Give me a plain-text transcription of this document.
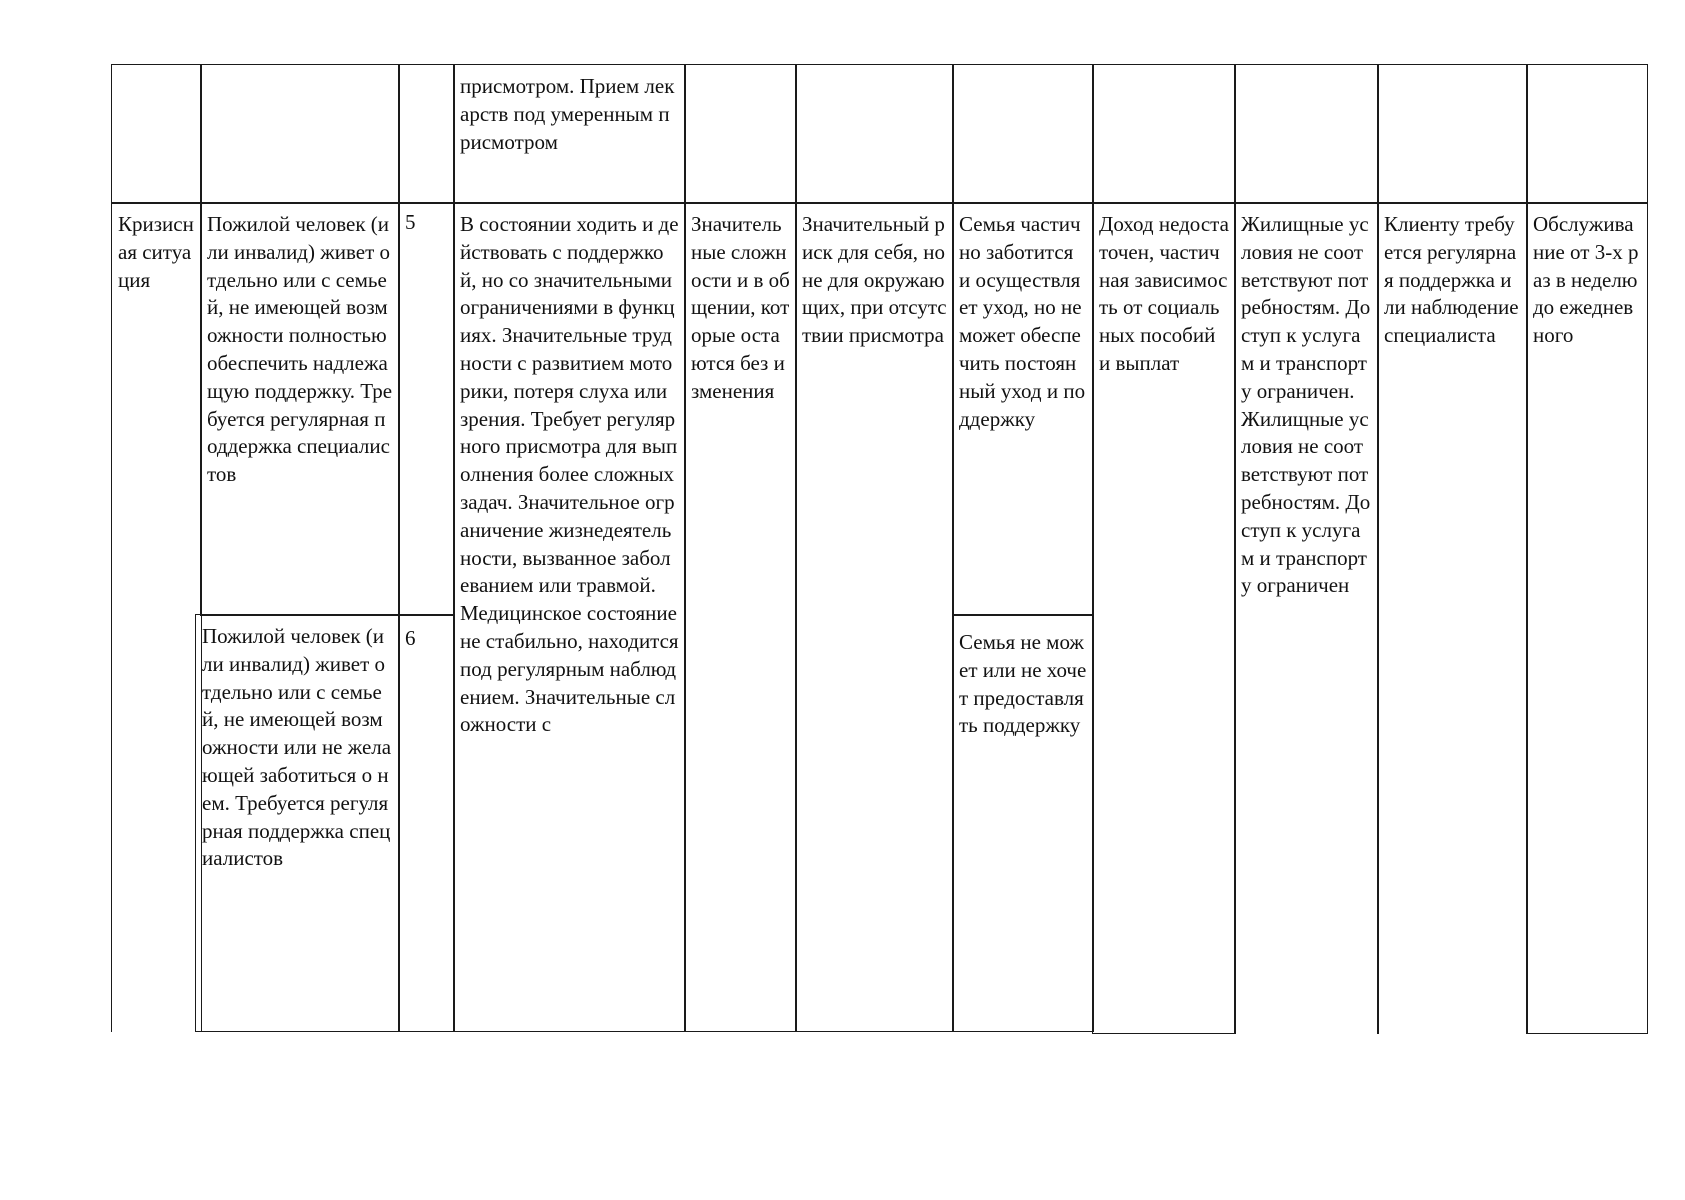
присмотром. Прием лекарств под умеренным присмотром
Кризисная ситуация
Пожилой человек (или инвалид) живет отдельно или с семьей, не имеющей возможности полностью обеспечить надлежащую поддержку. Требуется регулярная поддержка специалистов
5
Пожилой человек (или инвалид) живет отдельно или с семьей, не имеющей возможности или не желающей заботиться о нем. Требуется регулярная поддержка специалистов
6
В состоянии ходить и действовать с поддержкой, но со значительными ограничениями в функциях. Значительные трудности с развитием моторики, потеря слуха или зрения. Требует регулярного присмотра для выполнения более сложных задач. Значительное ограничение жизнедеятельности, вызванное заболеванием или травмой. Медицинское состояние не стабильно, находится под регулярным наблюдением. Значительные сложности с
Значительные сложности и в общении, которые остаются без изменения
Значительный риск для себя, но не для окружающих, при отсутствии присмотра
Семья частично заботится и осуществляет уход, но не может обеспечить постоянный уход и поддержку
Семья не может или не хочет предоставлять поддержку
Доход недостаточен, частичная зависимость от социальных пособий и выплат
Жилищные условия не соответствуют потребностям. Доступ к услугам и транспорту ограничен. Жилищные условия не соответствуют потребностям. Доступ к услугам и транспорту ограничен
Клиенту требуется регулярная поддержка или наблюдение специалиста
Обслуживание от 3-х раз в неделю до ежедневного
